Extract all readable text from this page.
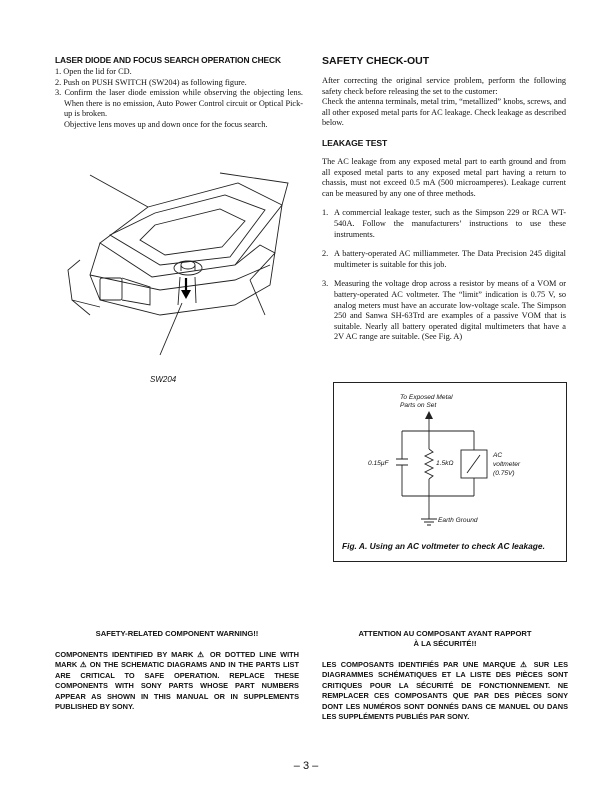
LASER DIODE AND FOCUS SEARCH OPERATION CHECK
1. Open the lid for CD.
2. Push on PUSH SWITCH (SW204) as following figure.
3. Confirm the laser diode emission while observing the objecting lens. When there is no emission, Auto Power Control circuit or Optical Pick-up is broken.
Objective lens moves up and down once for the focus search.
SW204
SAFETY CHECK-OUT
After correcting the original service problem, perform the following safety check before releasing the set to the customer:
Check the antenna terminals, metal trim, “metallized” knobs, screws, and all other exposed metal parts for AC leakage. Check leakage as described below.
LEAKAGE TEST
The AC leakage from any exposed metal part to earth ground and from all exposed metal parts to any exposed metal part having a return to chassis, must not exceed 0.5 mA (500 microamperes). Leakage current can be measured by any one of three methods.
1. A commercial leakage tester, such as the Simpson 229 or RCA WT-540A. Follow the manufacturers’ instructions to use these instruments.
2. A battery-operated AC milliammeter. The Data Precision 245 digital multimeter is suitable for this job.
3. Measuring the voltage drop across a resistor by means of a VOM or battery-operated AC voltmeter. The “limit” indication is 0.75 V, so analog meters must have an accurate low-voltage scale. The Simpson 250 and Sanwa SH-63Trd are examples of a passive VOM that is suitable. Nearly all battery operated digital multimeters that have a 2V AC range are suitable. (See Fig. A)
To Exposed Metal
Parts on Set
0.15μF	1.5kΩ
AC
voltmeter
(0.75V)
Earth Ground
Fig. A. Using an AC voltmeter to check AC leakage.
SAFETY-RELATED COMPONENT WARNING!!
COMPONENTS IDENTIFIED BY MARK ⚠ OR DOTTED LINE WITH MARK ⚠ ON THE SCHEMATIC DIAGRAMS AND IN THE PARTS LIST ARE CRITICAL TO SAFE OPERATION. REPLACE THESE COMPONENTS WITH SONY PARTS WHOSE PART NUMBERS APPEAR AS SHOWN IN THIS MANUAL OR IN SUPPLEMENTS PUBLISHED BY SONY.
ATTENTION AU COMPOSANT AYANT RAPPORT
À LA SÉCURITÉ!!
LES COMPOSANTS IDENTIFIÉS PAR UNE MARQUE ⚠ SUR LES DIAGRAMMES SCHÉMATIQUES ET LA LISTE DES PIÈCES SONT CRITIQUES POUR LA SÉCURITÉ DE FONCTIONNEMENT. NE REMPLACER CES COMPOSANTS QUE PAR DES PIÈCES SONY DONT LES NUMÉROS SONT DONNÉS DANS CE MANUEL OU DANS LES SUPPLÉMENTS PUBLIÉS PAR SONY.
– 3 –
